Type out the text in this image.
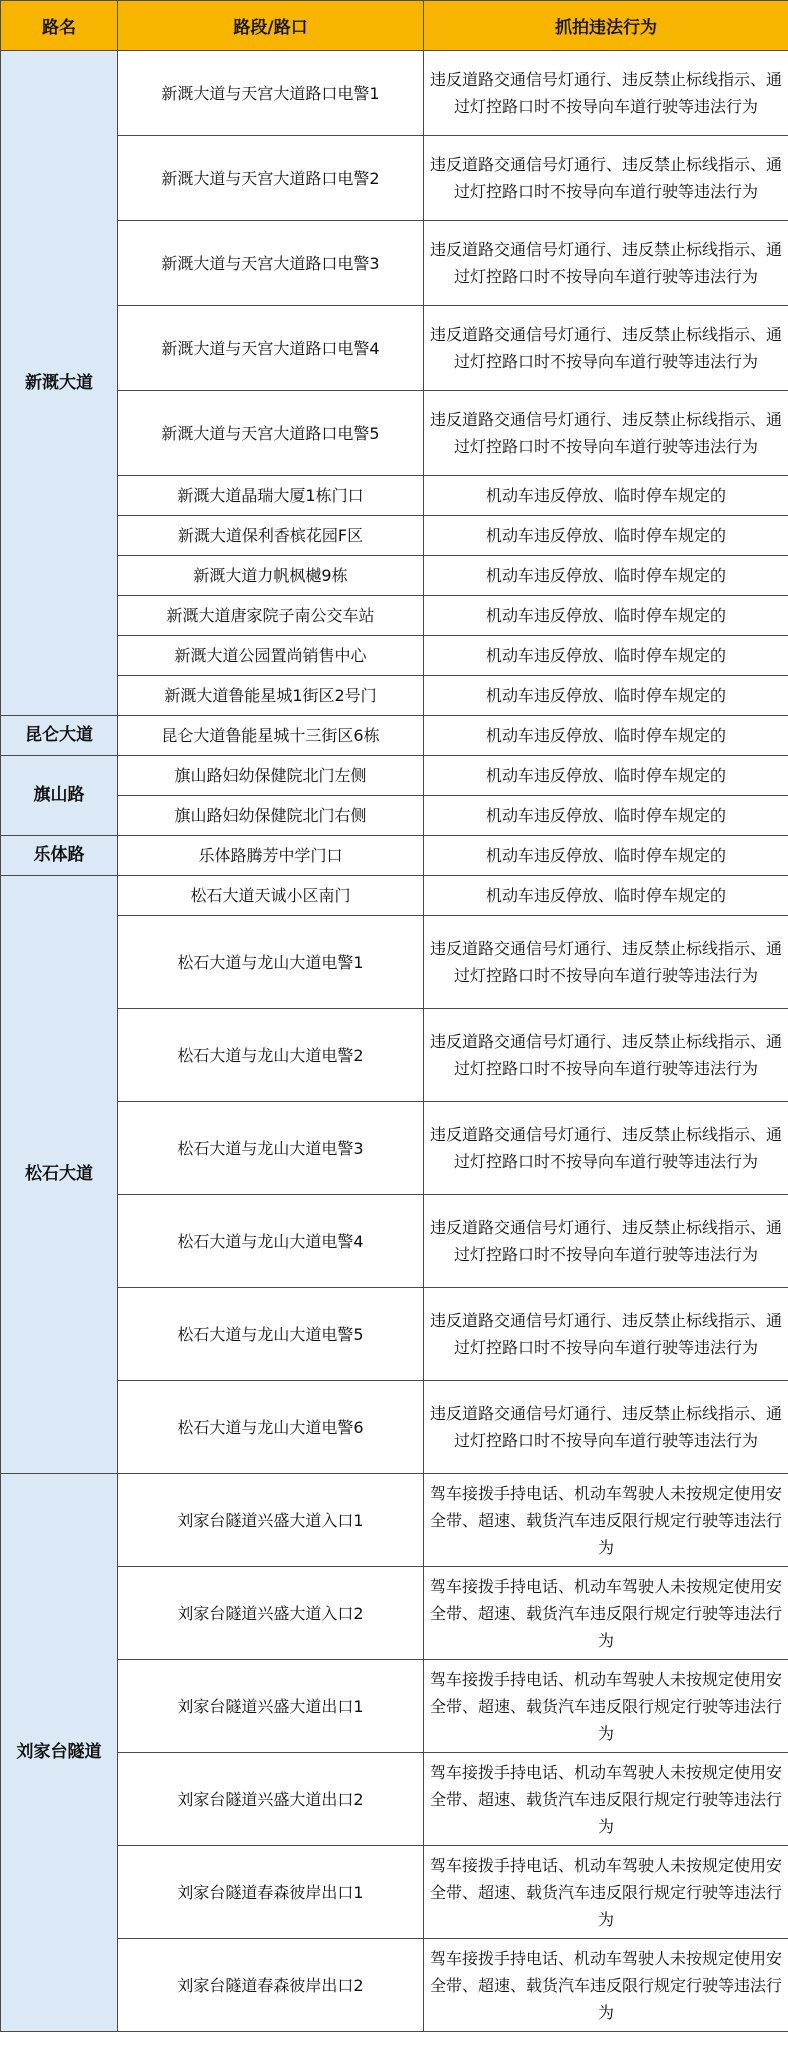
路名	路段/路口	抓拍违法行为
新溉大道	新溉大道与天宫大道路口电警1	违反道路交通信号灯通行、违反禁止标线指示、通过灯控路口时不按导向车道行驶等违法行为
	新溉大道与天宫大道路口电警2	违反道路交通信号灯通行、违反禁止标线指示、通过灯控路口时不按导向车道行驶等违法行为
	新溉大道与天宫大道路口电警3	违反道路交通信号灯通行、违反禁止标线指示、通过灯控路口时不按导向车道行驶等违法行为
	新溉大道与天宫大道路口电警4	违反道路交通信号灯通行、违反禁止标线指示、通过灯控路口时不按导向车道行驶等违法行为
	新溉大道与天宫大道路口电警5	违反道路交通信号灯通行、违反禁止标线指示、通过灯控路口时不按导向车道行驶等违法行为
	新溉大道晶瑞大厦1栋门口	机动车违反停放、临时停车规定的
	新溉大道保利香槟花园F区	机动车违反停放、临时停车规定的
	新溉大道力帆枫樾9栋	机动车违反停放、临时停车规定的
	新溉大道唐家院子南公交车站	机动车违反停放、临时停车规定的
	新溉大道公园置尚销售中心	机动车违反停放、临时停车规定的
	新溉大道鲁能星城1街区2号门	机动车违反停放、临时停车规定的
昆仑大道	昆仑大道鲁能星城十三街区6栋	机动车违反停放、临时停车规定的
旗山路	旗山路妇幼保健院北门左侧	机动车违反停放、临时停车规定的
	旗山路妇幼保健院北门右侧	机动车违反停放、临时停车规定的
乐体路	乐体路腾芳中学门口	机动车违反停放、临时停车规定的
松石大道	松石大道天诚小区南门	机动车违反停放、临时停车规定的
	松石大道与龙山大道电警1	违反道路交通信号灯通行、违反禁止标线指示、通过灯控路口时不按导向车道行驶等违法行为
	松石大道与龙山大道电警2	违反道路交通信号灯通行、违反禁止标线指示、通过灯控路口时不按导向车道行驶等违法行为
	松石大道与龙山大道电警3	违反道路交通信号灯通行、违反禁止标线指示、通过灯控路口时不按导向车道行驶等违法行为
	松石大道与龙山大道电警4	违反道路交通信号灯通行、违反禁止标线指示、通过灯控路口时不按导向车道行驶等违法行为
	松石大道与龙山大道电警5	违反道路交通信号灯通行、违反禁止标线指示、通过灯控路口时不按导向车道行驶等违法行为
	松石大道与龙山大道电警6	违反道路交通信号灯通行、违反禁止标线指示、通过灯控路口时不按导向车道行驶等违法行为
刘家台隧道	刘家台隧道兴盛大道入口1	驾车接拨手持电话、机动车驾驶人未按规定使用安全带、超速、载货汽车违反限行规定行驶等违法行为
	刘家台隧道兴盛大道入口2	驾车接拨手持电话、机动车驾驶人未按规定使用安全带、超速、载货汽车违反限行规定行驶等违法行为
	刘家台隧道兴盛大道出口1	驾车接拨手持电话、机动车驾驶人未按规定使用安全带、超速、载货汽车违反限行规定行驶等违法行为
	刘家台隧道兴盛大道出口2	驾车接拨手持电话、机动车驾驶人未按规定使用安全带、超速、载货汽车违反限行规定行驶等违法行为
	刘家台隧道春森彼岸出口1	驾车接拨手持电话、机动车驾驶人未按规定使用安全带、超速、载货汽车违反限行规定行驶等违法行为
	刘家台隧道春森彼岸出口2	驾车接拨手持电话、机动车驾驶人未按规定使用安全带、超速、载货汽车违反限行规定行驶等违法行为
